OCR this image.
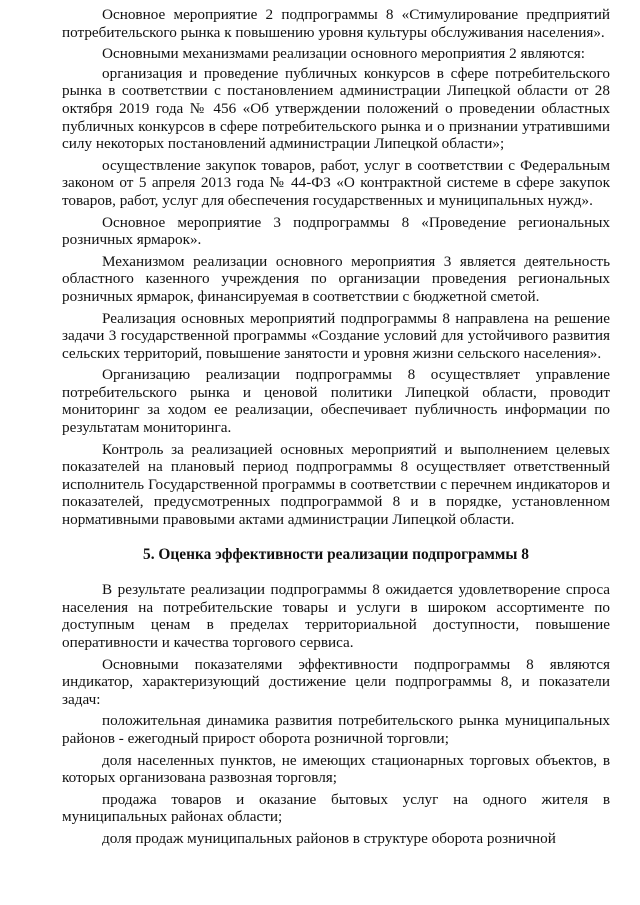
Основное мероприятие 2 подпрограммы 8 «Стимулирование предприятий потребительского рынка к повышению уровня культуры обслуживания населения».

Основными механизмами реализации основного мероприятия 2 являются:

организация и проведение публичных конкурсов в сфере потребительского рынка в соответствии с постановлением администрации Липецкой области от 28 октября 2019 года № 456 «Об утверждении положений о проведении областных публичных конкурсов в сфере потребительского рынка и о признании утратившими силу некоторых постановлений администрации Липецкой области»;

осуществление закупок товаров, работ, услуг в соответствии с Федеральным законом от 5 апреля 2013 года № 44-ФЗ «О контрактной системе в сфере закупок товаров, работ, услуг для обеспечения государственных и муниципальных нужд».

Основное мероприятие 3 подпрограммы 8 «Проведение региональных розничных ярмарок».

Механизмом реализации основного мероприятия 3 является деятельность областного казенного учреждения по организации проведения региональных розничных ярмарок, финансируемая в соответствии с бюджетной сметой.

Реализация основных мероприятий подпрограммы 8 направлена на решение задачи 3 государственной программы «Создание условий для устойчивого развития сельских территорий, повышение занятости и уровня жизни сельского населения».

Организацию реализации подпрограммы 8 осуществляет управление потребительского рынка и ценовой политики Липецкой области, проводит мониторинг за ходом ее реализации, обеспечивает публичность информации по результатам мониторинга.

Контроль за реализацией основных мероприятий и выполнением целевых показателей на плановый период подпрограммы 8 осуществляет ответственный исполнитель Государственной программы в соответствии с перечнем индикаторов и показателей, предусмотренных подпрограммой 8 и в порядке, установленном нормативными правовыми актами администрации Липецкой области.

5. Оценка эффективности реализации подпрограммы 8

В результате реализации подпрограммы 8 ожидается удовлетворение спроса населения на потребительские товары и услуги в широком ассортименте по доступным ценам в пределах территориальной доступности, повышение оперативности и качества торгового сервиса.

Основными показателями эффективности подпрограммы 8 являются индикатор, характеризующий достижение цели подпрограммы 8, и показатели задач:

положительная динамика развития потребительского рынка муниципальных районов - ежегодный прирост оборота розничной торговли;

доля населенных пунктов, не имеющих стационарных торговых объектов, в которых организована развозная торговля;

продажа товаров и оказание бытовых услуг на одного жителя в муниципальных районах области;

доля продаж муниципальных районов в структуре оборота розничной
